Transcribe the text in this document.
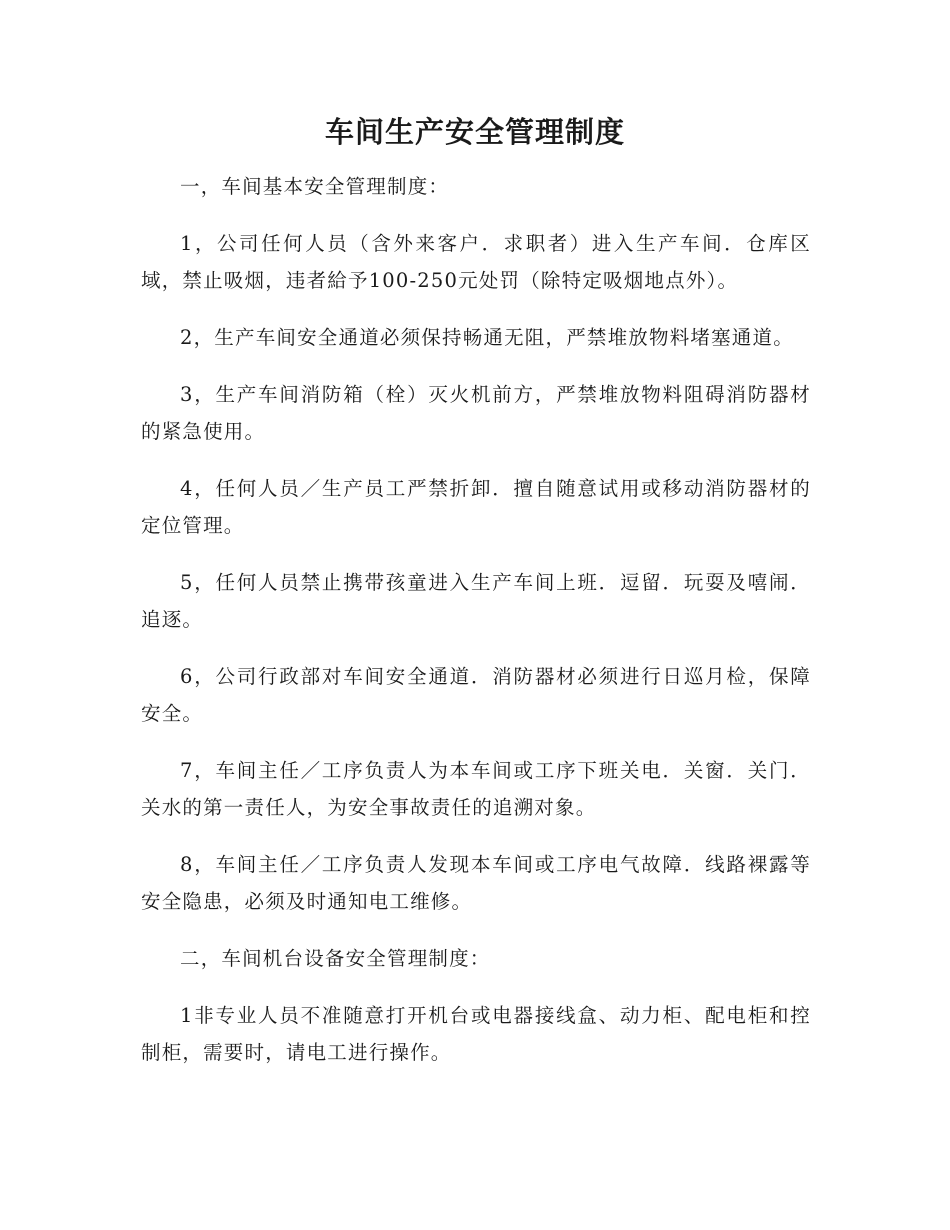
车间生产安全管理制度

一，车间基本安全管理制度：

1，公司任何人员（含外来客户．求职者）进入生产车间．仓库区域，禁止吸烟，违者給予100-250元处罚（除特定吸烟地点外）。

2，生产车间安全通道必须保持畅通无阻，严禁堆放物料堵塞通道。

3，生产车间消防箱（栓）灭火机前方，严禁堆放物料阻碍消防器材的紧急使用。

4，任何人员／生产员工严禁折卸．擅自随意试用或移动消防器材的定位管理。

5，任何人员禁止携带孩童进入生产车间上班．逗留．玩耍及嘻闹．追逐。

6，公司行政部对车间安全通道．消防器材必须进行日巡月检，保障安全。

7，车间主任／工序负责人为本车间或工序下班关电．关窗．关门．关水的第一责任人，为安全事故责任的追溯对象。

8，车间主任／工序负责人发现本车间或工序电气故障．线路裸露等安全隐患，必须及时通知电工维修。

二，车间机台设备安全管理制度：

1非专业人员不准随意打开机台或电器接线盒、动力柜、配电柜和控制柜，需要时，请电工进行操作。
